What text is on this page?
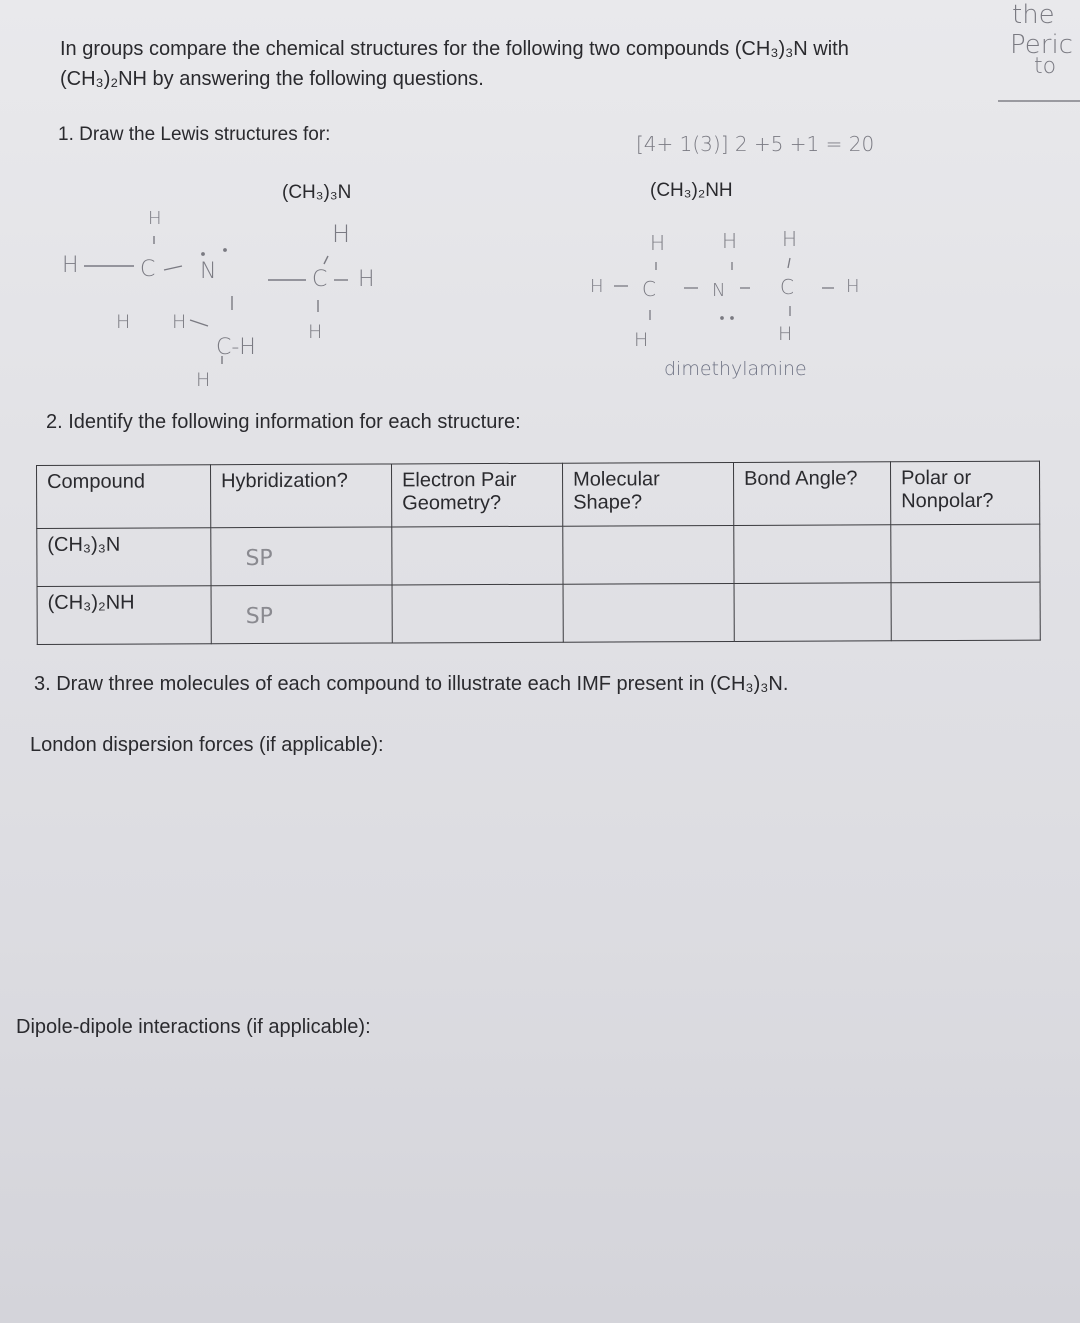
the
Peric
to
In groups compare the chemical structures for the following two compounds (CH₃)₃N with
(CH₃)₂NH by answering the following questions.
1. Draw the Lewis structures for:	[4+ 1(3)] 2 +5 +1 = 20
(CH₃)₃N	(CH₃)₂NH
H
H	C N	C H
H
H H
C-H
H
H
H	H H
H C	N	C	H
H	H
dimethylamine
2. Identify the following information for each structure:
Compound	Hybridization?	Electron Pair Geometry?	Molecular Shape?	Bond Angle?	Polar or Nonpolar?
(CH₃)₃N	SP				

(CH₃)₂NH	SP				

3. Draw three molecules of each compound to illustrate each IMF present in (CH₃)₃N.
London dispersion forces (if applicable):
Dipole-dipole interactions (if applicable):
